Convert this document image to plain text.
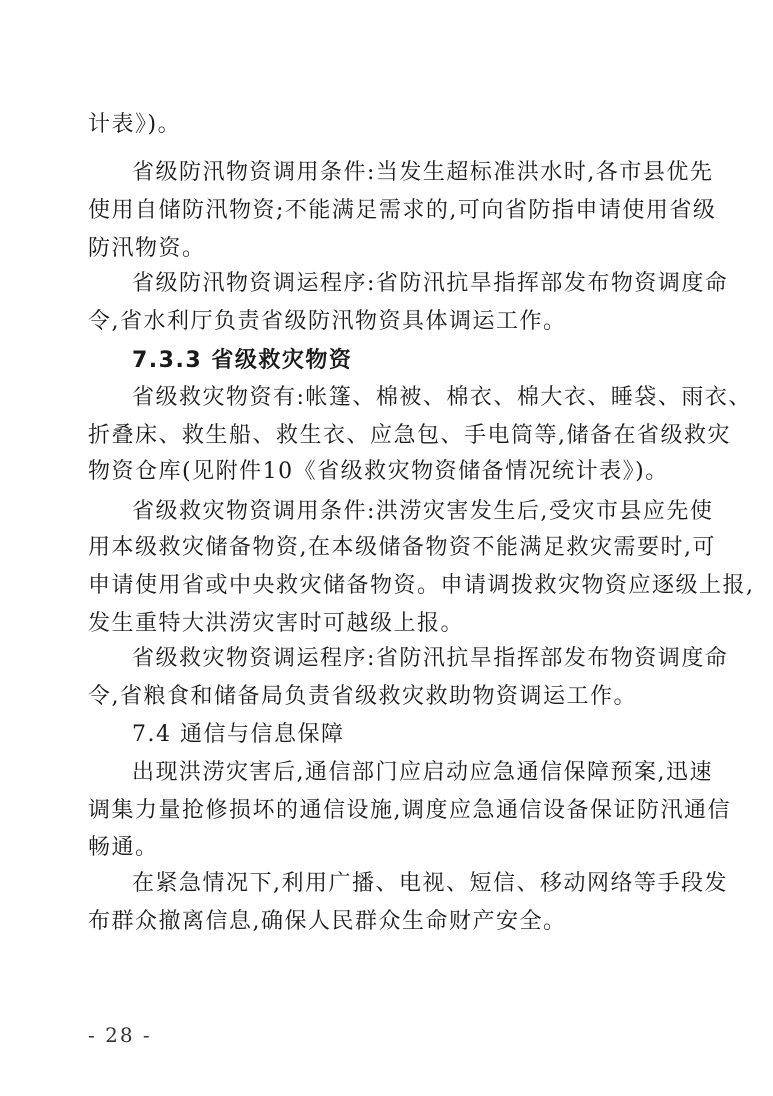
计表》)。
省级防汛物资调用条件:当发生超标准洪水时,各市县优先
使用自储防汛物资;不能满足需求的,可向省防指申请使用省级
防汛物资。
省级防汛物资调运程序:省防汛抗旱指挥部发布物资调度命
令,省水利厅负责省级防汛物资具体调运工作。
7.3.3 省级救灾物资
省级救灾物资有:帐篷、棉被、棉衣、棉大衣、睡袋、雨衣、
折叠床、救生船、救生衣、应急包、手电筒等,储备在省级救灾
物资仓库(见附件10《省级救灾物资储备情况统计表》)。
省级救灾物资调用条件:洪涝灾害发生后,受灾市县应先使
用本级救灾储备物资,在本级储备物资不能满足救灾需要时,可
申请使用省或中央救灾储备物资。申请调拨救灾物资应逐级上报,
发生重特大洪涝灾害时可越级上报。
省级救灾物资调运程序:省防汛抗旱指挥部发布物资调度命
令,省粮食和储备局负责省级救灾救助物资调运工作。
7.4 通信与信息保障
出现洪涝灾害后,通信部门应启动应急通信保障预案,迅速
调集力量抢修损坏的通信设施,调度应急通信设备保证防汛通信
畅通。
在紧急情况下,利用广播、电视、短信、移动网络等手段发
布群众撤离信息,确保人民群众生命财产安全。
- 28 -
